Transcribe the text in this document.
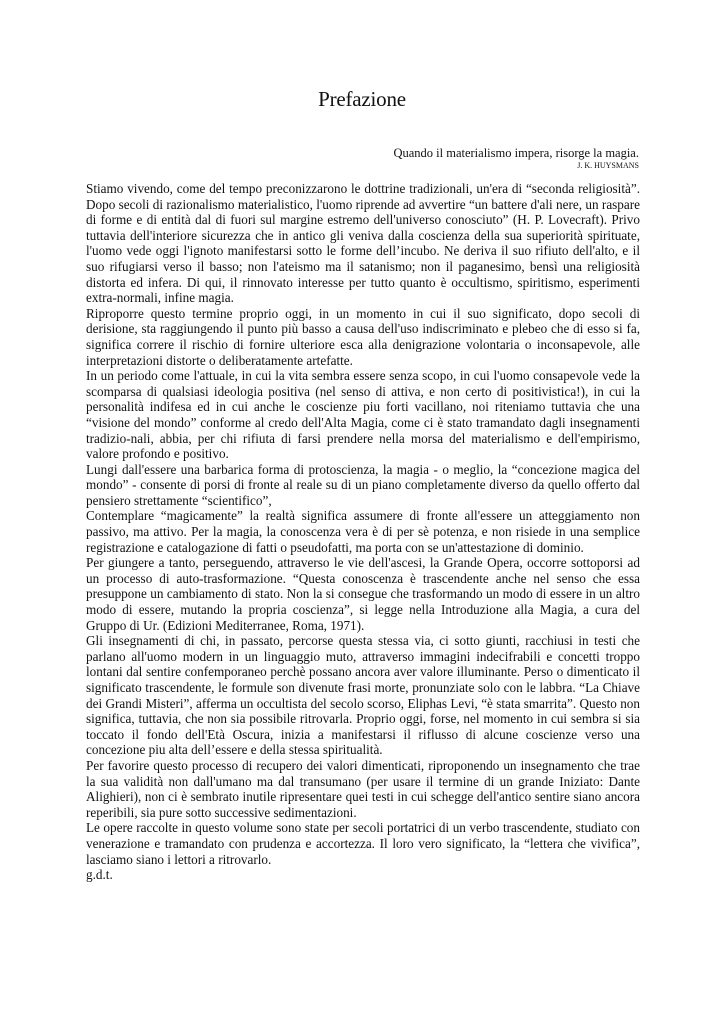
Prefazione
Quando il materialismo impera, risorge la magia.
J. K. HUYSMANS

Stiamo vivendo, come del tempo preconizzarono le dottrine tradizionali, un'era di “seconda religiosità”. Dopo secoli di razionalismo materialistico, l'uomo riprende ad avvertire “un battere d'ali nere, un raspare di forme e di entità dal di fuori sul margine estremo dell'universo conosciuto” (H. P. Lovecraft). Privo tuttavia dell'interiore sicurezza che in antico gli veniva dalla coscienza della sua superiorità spirituate, l'uomo vede oggi l'ignoto manifestarsi sotto le forme dell’incubo. Ne deriva il suo rifiuto dell'alto, e il suo rifugiarsi verso il basso; non l'ateismo ma il satanismo; non il paganesimo, bensì una religiosità distorta ed infera. Di qui, il rinnovato interesse per tutto quanto è occultismo, spiritismo, esperimenti extra-normali, infine magia.

Riproporre questo termine proprio oggi, in un momento in cui il suo significato, dopo secoli di derisione, sta raggiungendo il punto più basso a causa dell'uso indiscriminato e plebeo che di esso si fa, significa correre il rischio di fornire ulteriore esca alla denigrazione volontaria o inconsapevole, alle interpretazioni distorte o deliberatamente artefatte.

In un periodo come l'attuale, in cui la vita sembra essere senza scopo, in cui l'uomo consapevole vede la scomparsa di qualsiasi ideologia positiva (nel senso di attiva, e non certo di positivistica!), in cui la personalità indifesa ed in cui anche le coscienze piu forti vacillano, noi riteniamo tuttavia che una “visione del mondo” conforme al credo dell'Alta Magia, come ci è stato tramandato dagli insegnamenti tradizio-nali, abbia, per chi rifiuta di farsi prendere nella morsa del materialismo e dell'empirismo, valore profondo e positivo.

Lungi dall'essere una barbarica forma di protoscienza, la magia - o meglio, la “concezione magica del mondo” - consente di porsi di fronte al reale su di un piano completamente diverso da quello offerto dal pensiero strettamente “scientifico”,

Contemplare “magicamente” la realtà significa assumere di fronte all'essere un atteggiamento non passivo, ma attivo. Per la magia, la conoscenza vera è di per sè potenza, e non risiede in una semplice registrazione e catalogazione di fatti o pseudofatti, ma porta con se un'attestazione di dominio.

Per giungere a tanto, perseguendo, attraverso le vie dell'ascesi, la Grande Opera, occorre sottoporsi ad un processo di auto-trasformazione. “Questa conoscenza è trascendente anche nel senso che essa presuppone un cambiamento di stato. Non la si consegue che trasformando un modo di essere in un altro modo di essere, mutando la propria coscienza”, si legge nella Introduzione alla Magia, a cura del Gruppo di Ur. (Edizioni Mediterranee, Roma, 1971).

Gli insegnamenti di chi, in passato, percorse questa stessa via, ci sotto giunti, racchiusi in testi che parlano all'uomo modern in un linguaggio muto, attraverso immagini indecifrabili e concetti troppo lontani dal sentire confemporaneo perchè possano ancora aver valore illuminante. Perso o dimenticato il significato trascendente, le formule son divenute frasi morte, pronunziate solo con le labbra. “La Chiave dei Grandi Misteri”, afferma un occultista del secolo scorso, Eliphas Levi, “è stata smarrita”. Questo non significa, tuttavia, che non sia possibile ritrovarla. Proprio oggi, forse, nel momento in cui sembra si sia toccato il fondo dell'Età Oscura, inizia a manifestarsi il riflusso di alcune coscienze verso una concezione piu alta dell’essere e della stessa spiritualità.

Per favorire questo processo di recupero dei valori dimenticati, riproponendo un insegnamento che trae la sua validità non dall'umano ma dal transumano (per usare il termine di un grande Iniziato: Dante Alighieri), non ci è sembrato inutile ripresentare quei testi in cui schegge dell'antico sentire siano ancora reperibili, sia pure sotto successive sedimentazioni.

Le opere raccolte in questo volume sono state per secoli portatrici di un verbo trascendente, studiato con venerazione e tramandato con prudenza e accortezza. Il loro vero significato, la “lettera che vivifica”, lasciamo siano i lettori a ritrovarlo.

g.d.t.
